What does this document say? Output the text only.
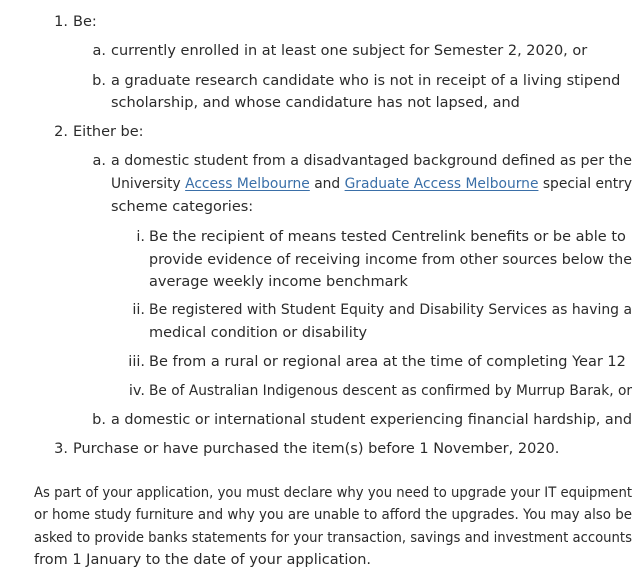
1. Be:
a. currently enrolled in at least one subject for Semester 2, 2020, or
b. a graduate research candidate who is not in receipt of a living stipend
scholarship, and whose candidature has not lapsed, and
2. Either be:
a. a domestic student from a disadvantaged background defined as per the
University Access Melbourne and Graduate Access Melbourne special entry
scheme categories:
i. Be the recipient of means tested Centrelink benefits or be able to
provide evidence of receiving income from other sources below the
average weekly income benchmark
ii. Be registered with Student Equity and Disability Services as having a
medical condition or disability
iii. Be from a rural or regional area at the time of completing Year 12
iv. Be of Australian Indigenous descent as confirmed by Murrup Barak, or
b. a domestic or international student experiencing financial hardship, and
3. Purchase or have purchased the item(s) before 1 November, 2020.
As part of your application, you must declare why you need to upgrade your IT equipment
or home study furniture and why you are unable to afford the upgrades. You may also be
asked to provide banks statements for your transaction, savings and investment accounts
from 1 January to the date of your application.
